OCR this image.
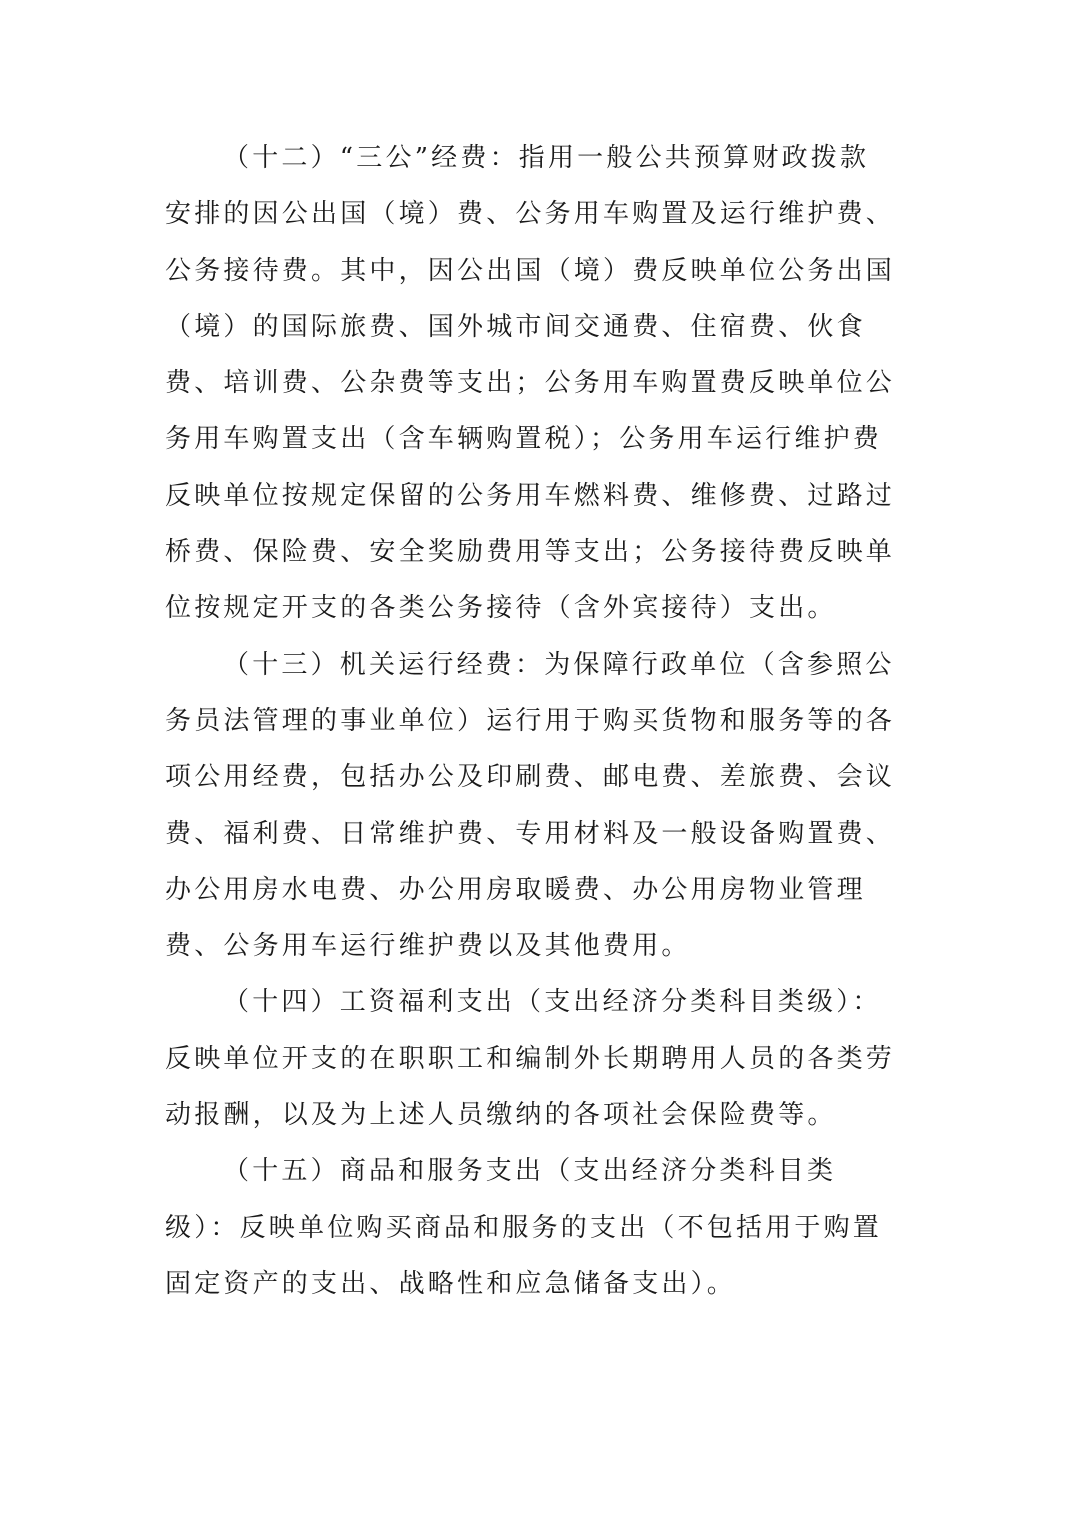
（十二）“三公”经费：指用一般公共预算财政拨款
安排的因公出国（境）费、公务用车购置及运行维护费、
公务接待费。其中，因公出国（境）费反映单位公务出国
（境）的国际旅费、国外城市间交通费、住宿费、伙食
费、培训费、公杂费等支出；公务用车购置费反映单位公
务用车购置支出（含车辆购置税）；公务用车运行维护费
反映单位按规定保留的公务用车燃料费、维修费、过路过
桥费、保险费、安全奖励费用等支出；公务接待费反映单
位按规定开支的各类公务接待（含外宾接待）支出。
（十三）机关运行经费：为保障行政单位（含参照公
务员法管理的事业单位）运行用于购买货物和服务等的各
项公用经费，包括办公及印刷费、邮电费、差旅费、会议
费、福利费、日常维护费、专用材料及一般设备购置费、
办公用房水电费、办公用房取暖费、办公用房物业管理
费、公务用车运行维护费以及其他费用。
（十四）工资福利支出（支出经济分类科目类级）：
反映单位开支的在职职工和编制外长期聘用人员的各类劳
动报酬，以及为上述人员缴纳的各项社会保险费等。
（十五）商品和服务支出（支出经济分类科目类
级）：反映单位购买商品和服务的支出（不包括用于购置
固定资产的支出、战略性和应急储备支出）。
